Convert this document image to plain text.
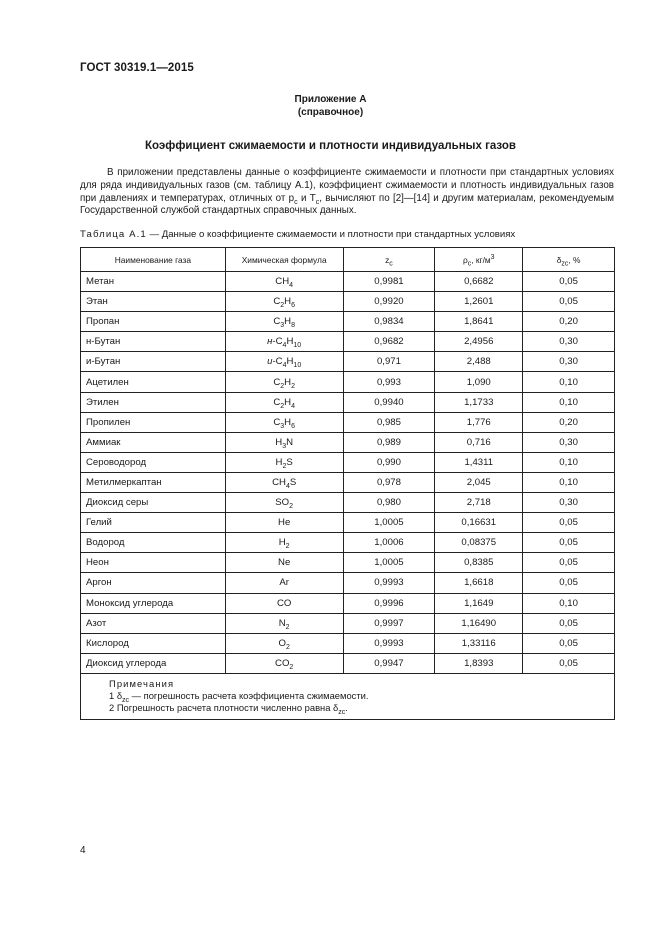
ГОСТ 30319.1—2015
Приложение А
(справочное)
Коэффициент сжимаемости и плотности индивидуальных газов

В приложении представлены данные о коэффициенте сжимаемости и плотности при стандартных условиях для ряда индивидуальных газов (см. таблицу А.1), коэффициент сжимаемости и плотность индивидуальных газов при давлениях и температурах, отличных от $р_c$ и $Т_c$, вычисляют по [2]—[14] и другим материалам, рекомендуемым Государственной службой стандартных справочных данных.

Таблица А.1 — Данные о коэффициенте сжимаемости и плотности при стандартных условиях
Наименование газа	Химическая формула	$z_c$	$\rho_c$, $кг/м^3$	$\delta_{zc}$, %
Метан	$CH_4$	0,9981	0,6682	0,05
Этан	$C_2H_6$	0,9920	1,2601	0,05
Пропан	$C_3H_8$	0,9834	1,8641	0,20
н-Бутан	$н-C_4H_{10}$	0,9682	2,4956	0,30
и-Бутан	$и-C_4H_{10}$	0,971	2,488	0,30
Ацетилен	$C_2H_2$	0,993	1,090	0,10
Этилен	$C_2H_4$	0,9940	1,1733	0,10
Пропилен	$C_3H_6$	0,985	1,776	0,20
Аммиак	$H_3N$	0,989	0,716	0,30
Сероводород	$H_2S$	0,990	1,4311	0,10
Метилмеркаптан	$CH_4S$	0,978	2,045	0,10
Диоксид серы	$SO_2$	0,980	2,718	0,30
Гелий	He	1,0005	0,16631	0,05
Водород	$H_2$	1,0006	0,08375	0,05
Неон	Ne	1,0005	0,8385	0,05
Аргон	Ar	0,9993	1,6618	0,05
Моноксид углерода	CO	0,9996	1,1649	0,10
Азот	$N_2$	0,9997	1,16490	0,05
Кислород	$O_2$	0,9993	1,33116	0,05
Диоксид углерода	$CO_2$	0,9947	1,8393	0,05

Примечания
1 $\delta_{zc}$ — погрешность расчета коэффициента сжимаемости.
2 Погрешность расчета плотности численно равна $\delta_{zc}$.				
4
